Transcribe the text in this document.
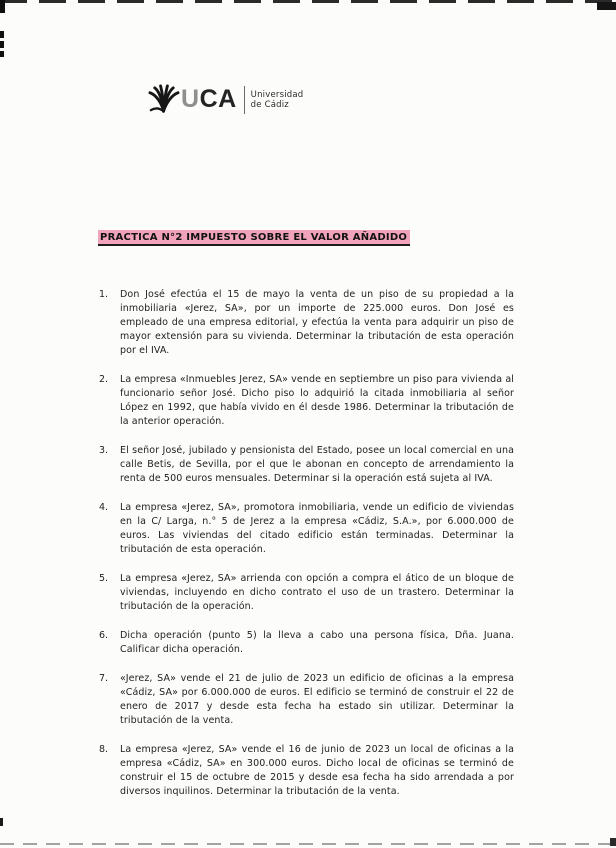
UCA Universidad
de Cádiz
PRACTICA N°2 IMPUESTO SOBRE EL VALOR AÑADIDO
1.	Don José efectúa el 15 de mayo la venta de un piso de su propiedad a la inmobiliaria «Jerez, SA», por un importe de 225.000 euros. Don José es empleado de una empresa editorial, y efectúa la venta para adquirir un piso de mayor extensión para su vivienda. Determinar la tributación de esta operación por el IVA.
2.	La empresa «Inmuebles Jerez, SA» vende en septiembre un piso para vivienda al funcionario señor José. Dicho piso lo adquirió la citada inmobiliaria al señor López en 1992, que había vivido en él desde 1986. Determinar la tributación de la anterior operación.
3.	El señor José, jubilado y pensionista del Estado, posee un local comercial en una calle Betis, de Sevilla, por el que le abonan en concepto de arrendamiento la renta de 500 euros mensuales. Determinar si la operación está sujeta al IVA.
4.	La empresa «Jerez, SA», promotora inmobiliaria, vende un edificio de viviendas en la C/ Larga, n.° 5 de Jerez a la empresa «Cádiz, S.A.», por 6.000.000 de euros. Las viviendas del citado edificio están terminadas. Determinar la tributación de esta operación.
5.	La empresa «Jerez, SA» arrienda con opción a compra el ático de un bloque de viviendas, incluyendo en dicho contrato el uso de un trastero. Determinar la tributación de la operación.
6.	Dicha operación (punto 5) la lleva a cabo una persona física, Dña. Juana. Calificar dicha operación.
7.	«Jerez, SA» vende el 21 de julio de 2023 un edificio de oficinas a la empresa «Cádiz, SA» por 6.000.000 de euros. El edificio se terminó de construir el 22 de enero de 2017 y desde esta fecha ha estado sin utilizar. Determinar la tributación de la venta.
8.	La empresa «Jerez, SA» vende el 16 de junio de 2023 un local de oficinas a la empresa «Cádiz, SA» en 300.000 euros. Dicho local de oficinas se terminó de construir el 15 de octubre de 2015 y desde esa fecha ha sido arrendada a por diversos inquilinos. Determinar la tributación de la venta.
